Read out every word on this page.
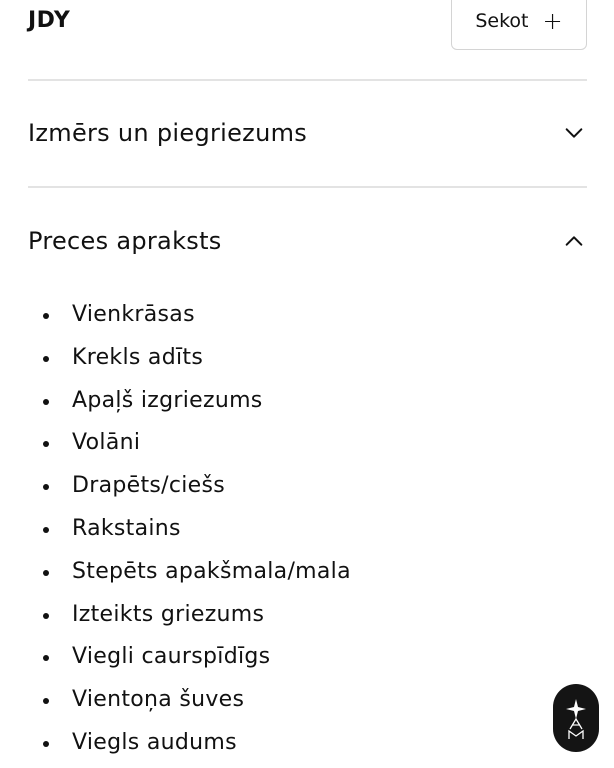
JDY	Sekot +
Izmērs un piegriezums
Preces apraksts
Vienkrāsas
Krekls adīts
Apaļš izgriezums
Volāni
Drapēts/ciešs
Rakstains
Stepēts apakšmala/mala
Izteikts griezums
Viegli caurspīdīgs
Vientoņa šuves
Viegls audums
